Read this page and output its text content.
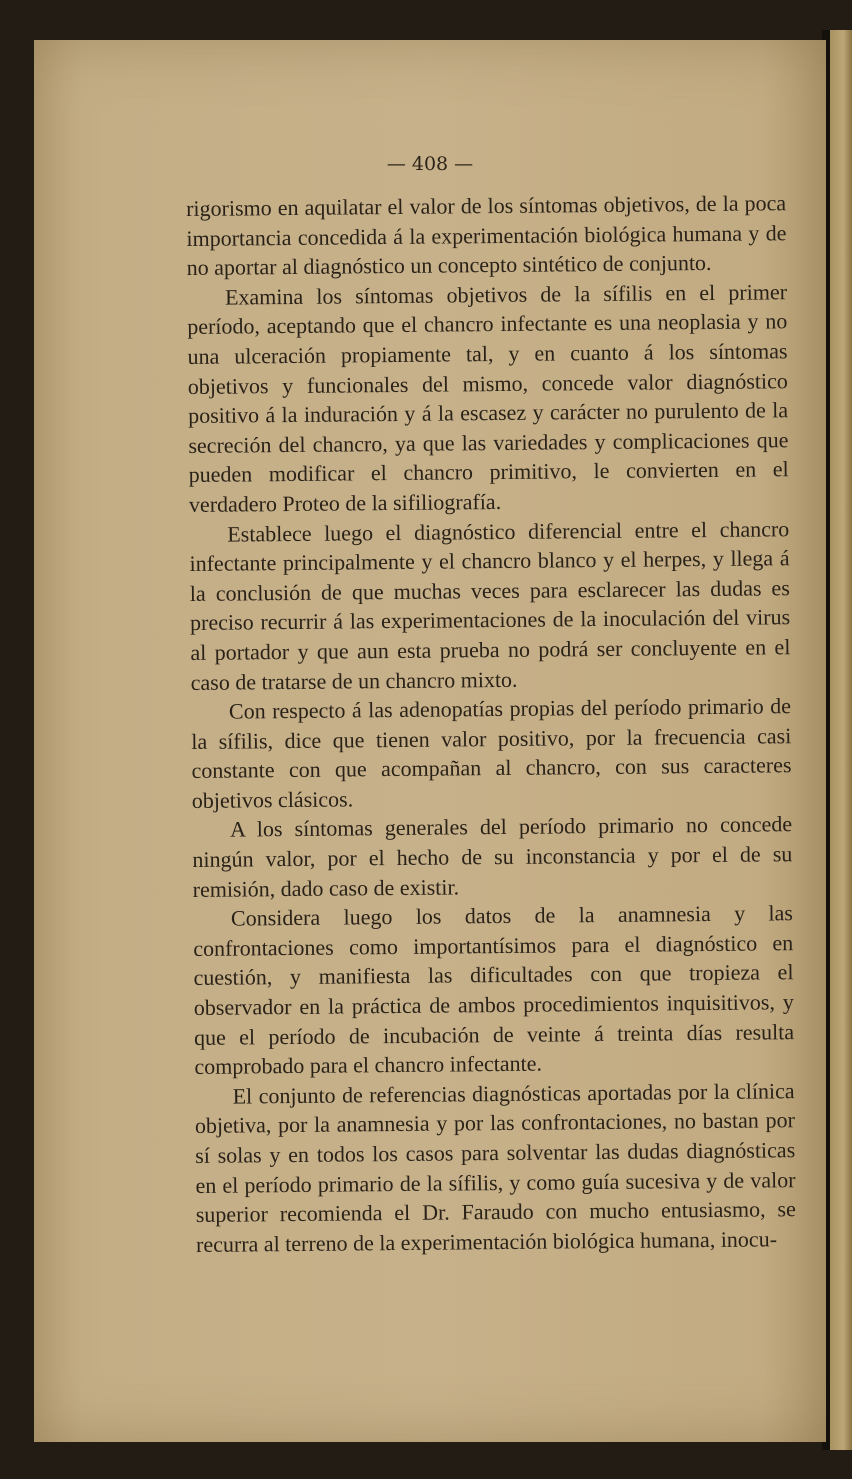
— 408 —

rigorismo en aquilatar el valor de los síntomas objetivos, de la poca importancia concedida á la experimentación biológica humana y de no aportar al diagnóstico un concepto sintético de conjunto.

Examina los síntomas objetivos de la sífilis en el primer período, aceptando que el chancro infectante es una neoplasia y no una ulceración propiamente tal, y en cuanto á los síntomas objetivos y funcionales del mismo, concede valor diagnóstico positivo á la induración y á la escasez y carácter no purulento de la secreción del chancro, ya que las variedades y complicaciones que pueden modificar el chancro primitivo, le convierten en el verdadero Proteo de la sifiliografía.

Establece luego el diagnóstico diferencial entre el chancro infectante principalmente y el chancro blanco y el herpes, y llega á la conclusión de que muchas veces para esclarecer las dudas es preciso recurrir á las experimentaciones de la inoculación del virus al portador y que aun esta prueba no podrá ser concluyente en el caso de tratarse de un chancro mixto.

Con respecto á las adenopatías propias del período primario de la sífilis, dice que tienen valor positivo, por la frecuencia casi constante con que acompañan al chancro, con sus caracteres objetivos clásicos.

A los síntomas generales del período primario no concede ningún valor, por el hecho de su inconstancia y por el de su remisión, dado caso de existir.

Considera luego los datos de la anamnesia y las confrontaciones como importantísimos para el diagnóstico en cuestión, y manifiesta las dificultades con que tropieza el observador en la práctica de ambos procedimientos inquisitivos, y que el período de incubación de veinte á treinta días resulta comprobado para el chancro infectante.

El conjunto de referencias diagnósticas aportadas por la clínica objetiva, por la anamnesia y por las confrontaciones, no bastan por sí solas y en todos los casos para solventar las dudas diagnósticas en el período primario de la sífilis, y como guía sucesiva y de valor superior recomienda el Dr. Faraudo con mucho entusiasmo, se recurra al terreno de la experimentación biológica humana, inocu-
